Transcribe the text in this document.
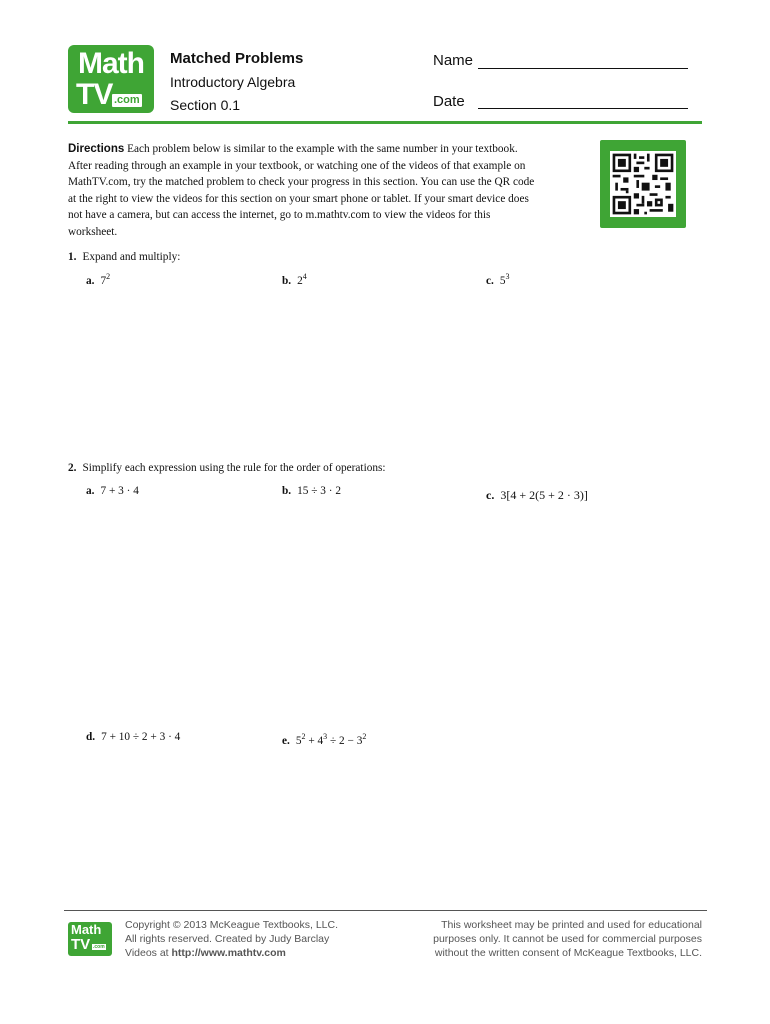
Math
TV .com
Matched Problems
Introductory Algebra
Section 0.1
Name
Date
Directions Each problem below is similar to the example with the same number in your textbook.
After reading through an example in your textbook, or watching one of the videos of that example on
MathTV.com, try the matched problem to check your progress in this section. You can use the QR code
at the right to view the videos for this section on your smart phone or tablet. If your smart device does
not have a camera, but can access the internet, go to m.mathtv.com to view the videos for this
worksheet.
1. Expand and multiply:
a. $7^2$	b. $2^4$	c. $5^3$
2. Simplify each expression using the rule for the order of operations:
a. 7 + 3 · 4	b. 15 ÷ 3 · 2	c. 3[4 + 2(5 + 2 · 3)]
d. 7 + 10 ÷ 2 + 3 · 4	e. $5^2 + 4^3 \div 2 - 3^2$
Math
TV .com
Copyright © 2013 McKeague Textbooks, LLC.
All rights reserved. Created by Judy Barclay
Videos at http://www.mathtv.com
This worksheet may be printed and used for educational
purposes only. It cannot be used for commercial purposes
without the written consent of McKeague Textbooks, LLC.
